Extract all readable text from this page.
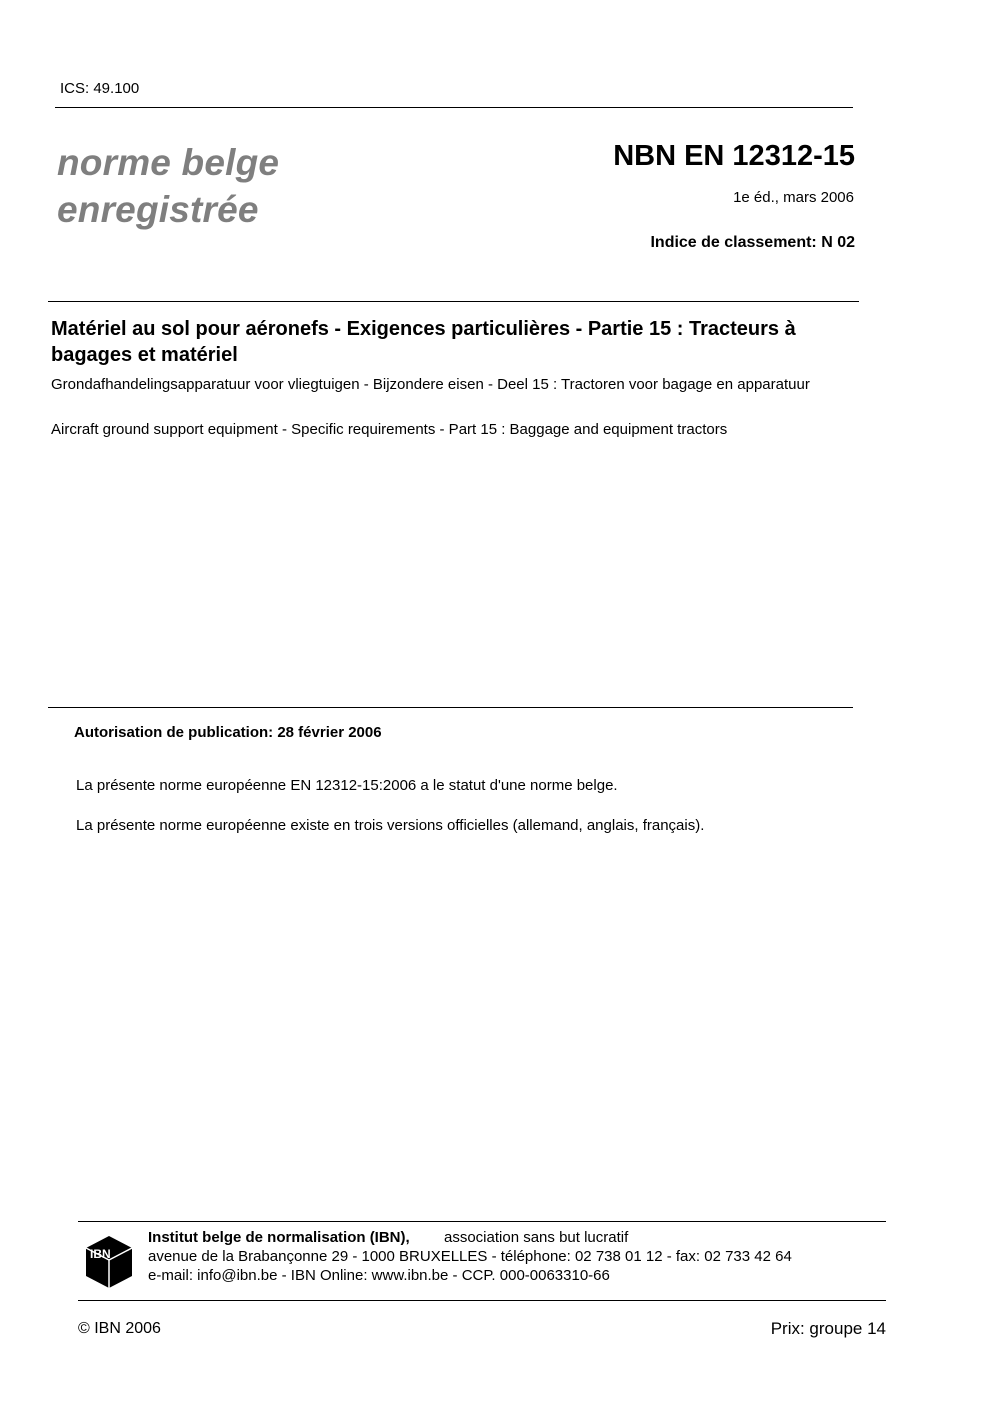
ICS: 49.100
norme belge
enregistrée
NBN EN 12312-15
1e éd., mars 2006
Indice de classement: N 02
Matériel au sol pour aéronefs - Exigences particulières - Partie 15 : Tracteurs à bagages et matériel
Grondafhandelingsapparatuur voor vliegtuigen - Bijzondere eisen - Deel 15 : Tractoren voor bagage en apparatuur
Aircraft ground support equipment - Specific requirements - Part 15 : Baggage and equipment tractors
Autorisation de publication: 28 février 2006
La présente norme européenne EN 12312-15:2006 a le statut d'une norme belge.
La présente norme européenne existe en trois versions officielles (allemand, anglais, français).
IBN
Institut belge de normalisation (IBN), association sans but lucratif
avenue de la Brabançonne 29 - 1000 BRUXELLES - téléphone: 02 738 01 12 - fax: 02 733 42 64
e-mail: info@ibn.be - IBN Online: www.ibn.be - CCP. 000-0063310-66
© IBN 2006	Prix: groupe 14
